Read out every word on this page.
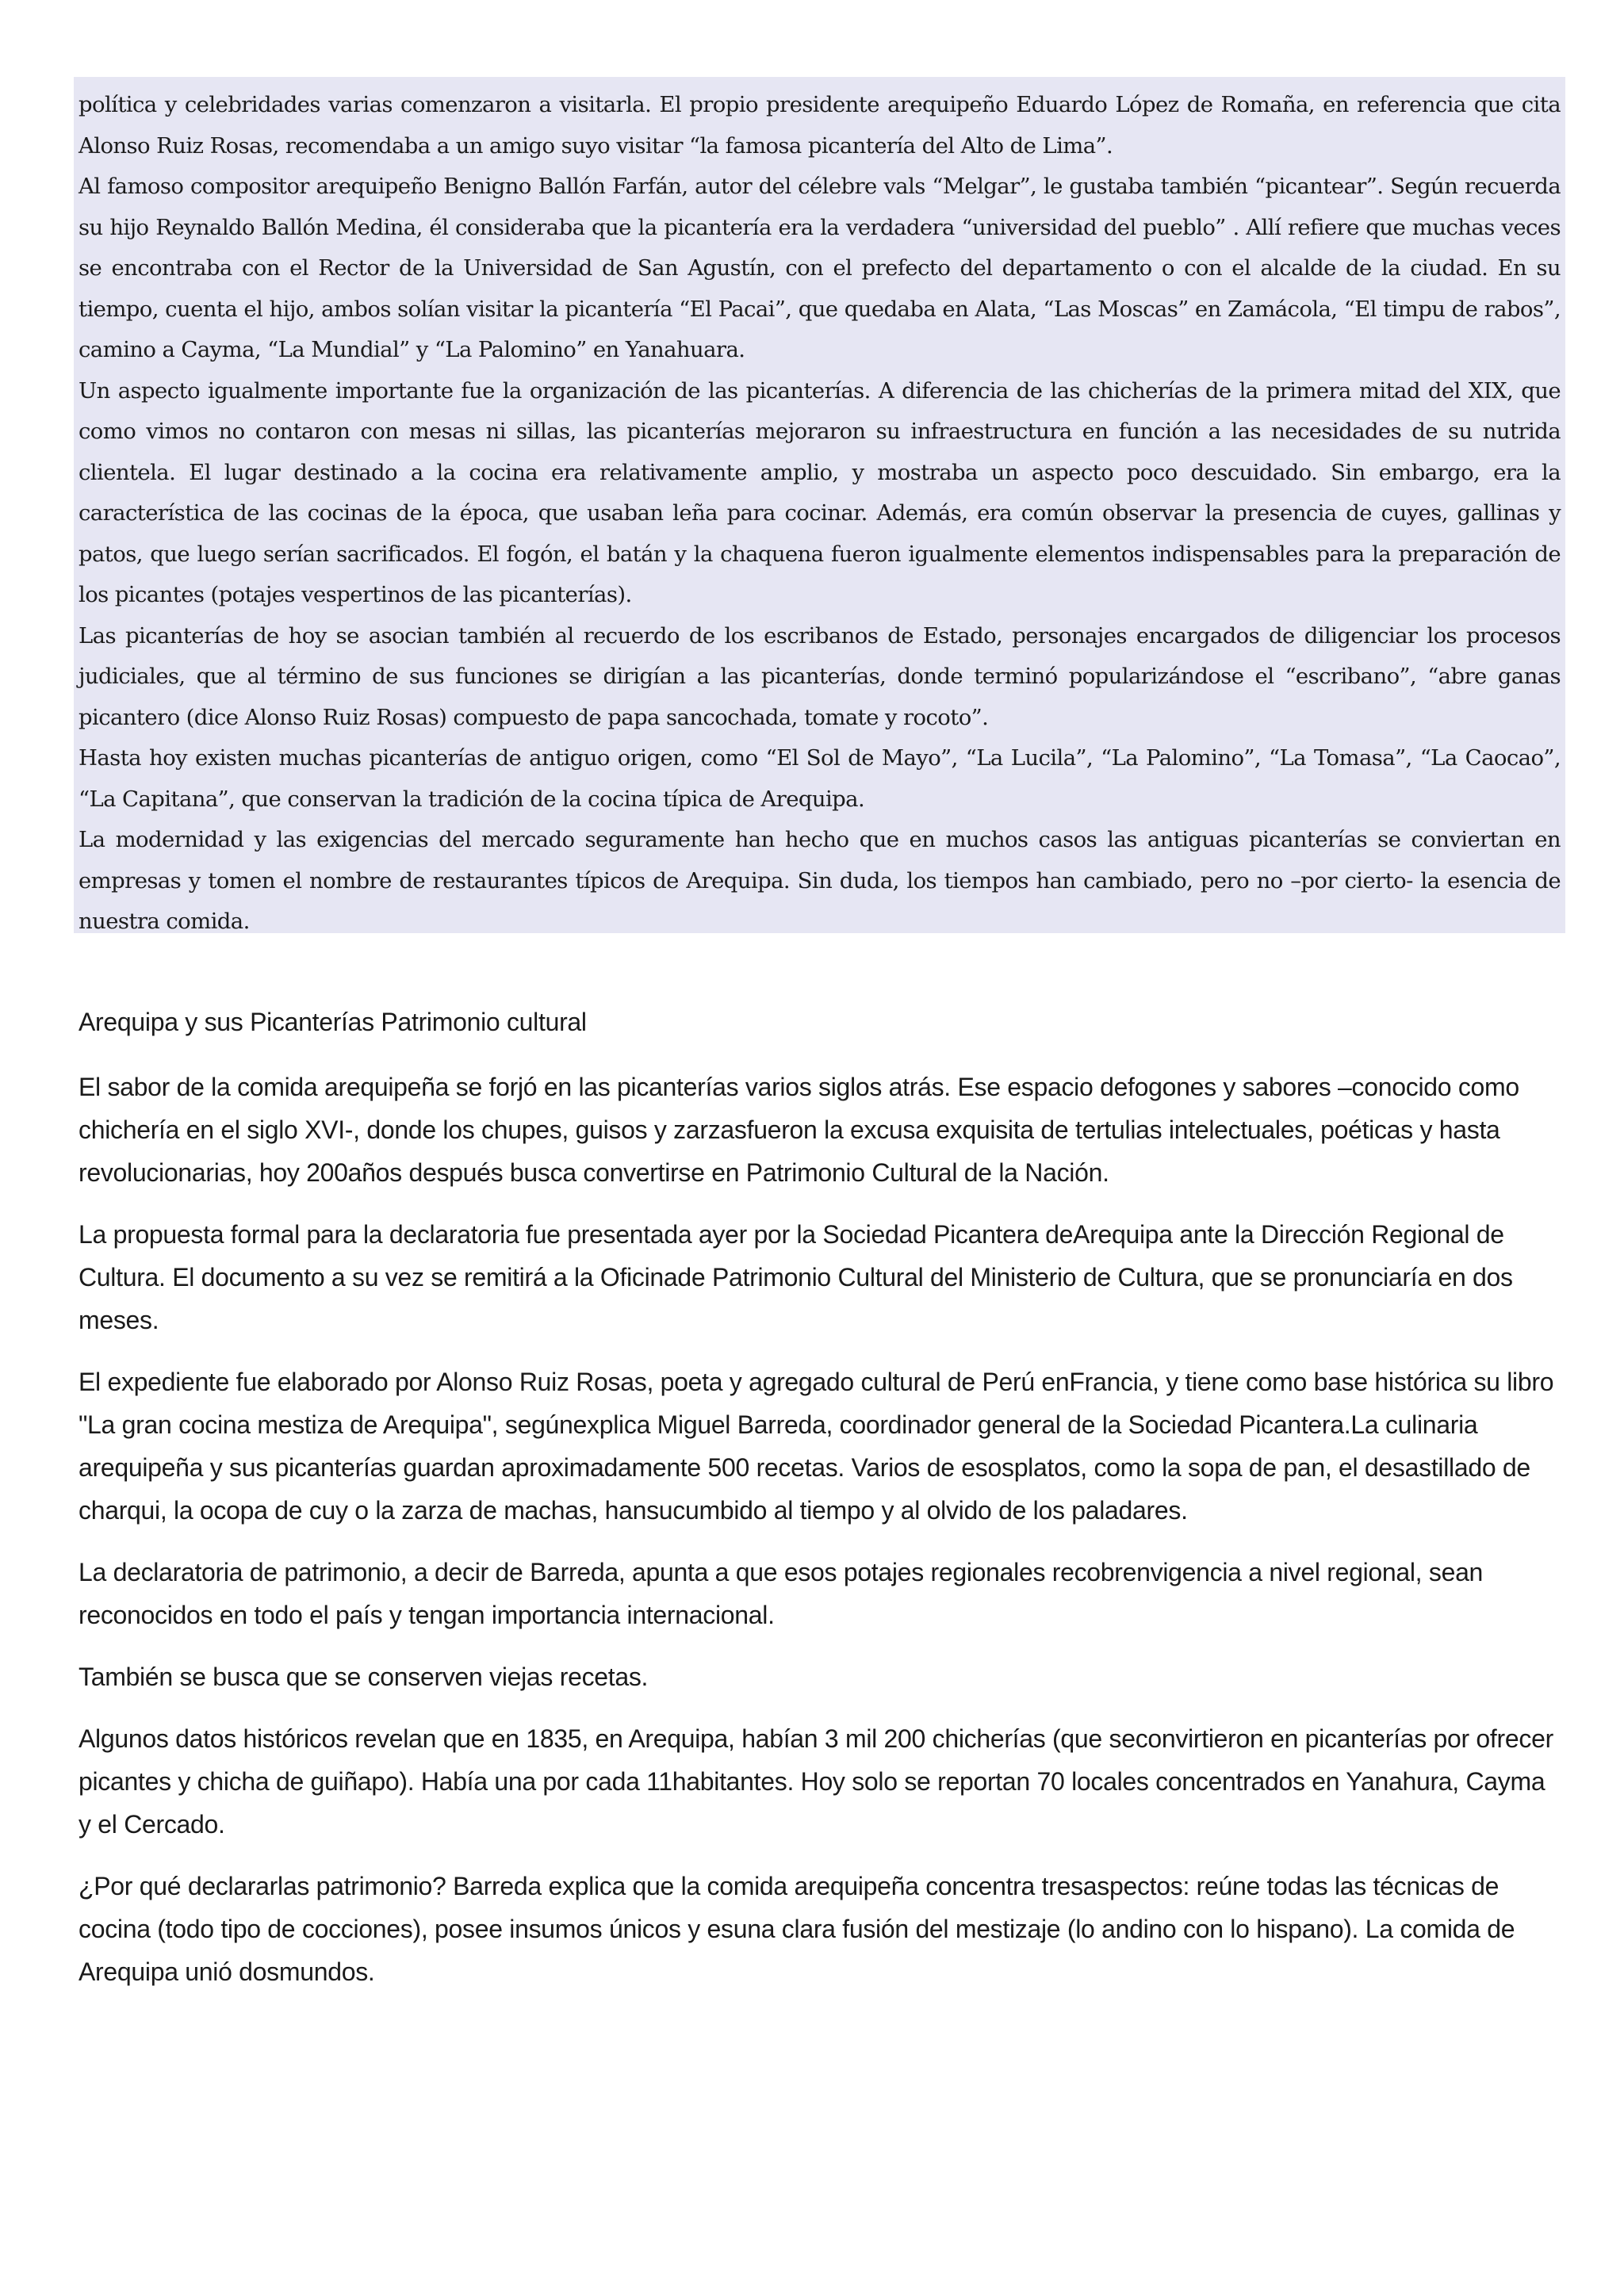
política y celebridades varias comenzaron a visitarla. El propio presidente arequipeño Eduardo López de Romaña, en referencia que cita Alonso Ruiz Rosas, recomendaba a un amigo suyo visitar “la famosa picantería del Alto de Lima”.

Al famoso compositor arequipeño Benigno Ballón Farfán, autor del célebre vals “Melgar”, le gustaba también “picantear”. Según recuerda su hijo Reynaldo Ballón Medina, él consideraba que la picantería era la verdadera “universidad del pueblo” . Allí refiere que muchas veces se encontraba con el Rector de la Universidad de San Agustín, con el prefecto del departamento o con el alcalde de la ciudad. En su tiempo, cuenta el hijo, ambos solían visitar la picantería “El Pacai”, que quedaba en Alata, “Las Moscas” en Zamácola, “El timpu de rabos”, camino a Cayma, “La Mundial” y “La Palomino” en Yanahuara.

Un aspecto igualmente importante fue la organización de las picanterías. A diferencia de las chicherías de la primera mitad del XIX, que como vimos no contaron con mesas ni sillas, las picanterías mejoraron su infraestructura en función a las necesidades de su nutrida clientela. El lugar destinado a la cocina era relativamente amplio, y mostraba un aspecto poco descuidado. Sin embargo, era la característica de las cocinas de la época, que usaban leña para cocinar. Además, era común observar la presencia de cuyes, gallinas y patos, que luego serían sacrificados. El fogón, el batán y la chaquena fueron igualmente elementos indispensables para la preparación de los picantes (potajes vespertinos de las picanterías).

Las picanterías de hoy se asocian también al recuerdo de los escribanos de Estado, personajes encargados de diligenciar los procesos judiciales, que al término de sus funciones se dirigían a las picanterías, donde terminó popularizándose el “escribano”, “abre ganas picantero (dice Alonso Ruiz Rosas) compuesto de papa sancochada, tomate y rocoto”.

Hasta hoy existen muchas picanterías de antiguo origen, como “El Sol de Mayo”, “La Lucila”, “La Palomino”, “La Tomasa”, “La Caocao”, “La Capitana”, que conservan la tradición de la cocina típica de Arequipa.

La modernidad y las exigencias del mercado seguramente han hecho que en muchos casos las antiguas picanterías se conviertan en empresas y tomen el nombre de restaurantes típicos de Arequipa. Sin duda, los tiempos han cambiado, pero no –por cierto- la esencia de nuestra comida.

Arequipa y sus Picanterías Patrimonio cultural

El sabor de la comida arequipeña se forjó en las picanterías varios siglos atrás. Ese espacio defogones y sabores –conocido como chichería en el siglo XVI-, donde los chupes, guisos y zarzasfueron la excusa exquisita de tertulias intelectuales, poéticas y hasta revolucionarias, hoy 200años después busca convertirse en Patrimonio Cultural de la Nación.

La propuesta formal para la declaratoria fue presentada ayer por la Sociedad Picantera deArequipa ante la Dirección Regional de Cultura. El documento a su vez se remitirá a la Oficinade Patrimonio Cultural del Ministerio de Cultura, que se pronunciaría en dos meses.

El expediente fue elaborado por Alonso Ruiz Rosas, poeta y agregado cultural de Perú enFrancia, y tiene como base histórica su libro "La gran cocina mestiza de Arequipa", segúnexplica Miguel Barreda, coordinador general de la Sociedad Picantera.La culinaria arequipeña y sus picanterías guardan aproximadamente 500 recetas. Varios de esosplatos, como la sopa de pan, el desastillado de charqui, la ocopa de cuy o la zarza de machas, hansucumbido al tiempo y al olvido de los paladares.

La declaratoria de patrimonio, a decir de Barreda, apunta a que esos potajes regionales recobrenvigencia a nivel regional, sean reconocidos en todo el país y tengan importancia internacional.

También se busca que se conserven viejas recetas.

Algunos datos históricos revelan que en 1835, en Arequipa, habían 3 mil 200 chicherías (que seconvirtieron en picanterías por ofrecer picantes y chicha de guiñapo). Había una por cada 11habitantes. Hoy solo se reportan 70 locales concentrados en Yanahura, Cayma y el Cercado.

¿Por qué declararlas patrimonio? Barreda explica que la comida arequipeña concentra tresaspectos: reúne todas las técnicas de cocina (todo tipo de cocciones), posee insumos únicos y esuna clara fusión del mestizaje (lo andino con lo hispano). La comida de Arequipa unió dosmundos.
